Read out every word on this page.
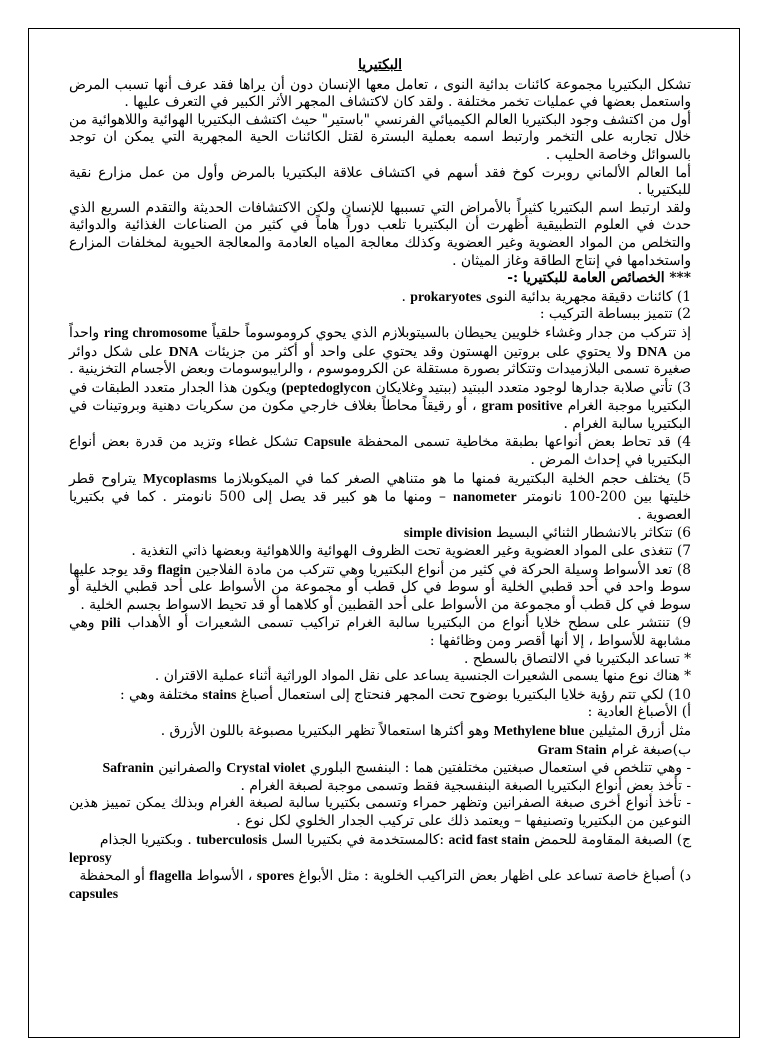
البكتيريا

تشكل البكتيريا مجموعة كائنات بدائية النوى ، تعامل معها الإنسان دون أن يراها فقد عرف أنها تسبب المرض واستعمل بعضها في عمليات تخمر مختلفة . ولقد كان لاكتشاف المجهر الأثر الكبير في التعرف عليها .

أول من اكتشف وجود البكتيريا العالم الكيميائي الفرنسي "باستير" حيث اكتشف البكتيريا الهوائية واللاهوائية من خلال تجاربه على التخمر وارتبط اسمه بعملية البسترة لقتل الكائنات الحية المجهرية التي يمكن ان توجد بالسوائل وخاصة الحليب .

أما العالم الألماني روبرت كوخ فقد أسهم في اكتشاف علاقة البكتيريا بالمرض وأول من عمل مزارع نقية للبكتيريا .

ولقد ارتبط اسم البكتيريا كثيراً بالأمراض التي تسببها للإنسان ولكن الاكتشافات الحديثة والتقدم السريع الذي حدث في العلوم التطبيقية أظهرت أن البكتيريا تلعب دوراً هاماً في كثير من الصناعات الغذائية والدوائية والتخلص من المواد العضوية وغير العضوية وكذلك معالجة المياه العادمة والمعالجة الحيوية لمخلفات المزارع واستخدامها في إنتاج الطاقة وغاز الميثان .

*** الخصائص العامة للبكتيريا :-

1) كائنات دقيقة مجهرية بدائية النوى prokaryotes .

2) تتميز ببساطة التركيب :

إذ تتركب من جدار وغشاء خلويين يحيطان بالسيتوبلازم الذي يحوي كروموسوماً حلقياً ring chromosome واحداً من DNA ولا يحتوي على بروتين الهستون وقد يحتوي على واحد أو أكثر من جزيئات DNA على شكل دوائر صغيرة تسمى البلازميدات وتتكاثر بصورة مستقلة عن الكروموسوم ، والرايبوسومات وبعض الأجسام التخزينية .

3) تأتي صلابة جدارها لوجود متعدد الببتيد (ببتيد وغلايكان (peptedoglycon ويكون هذا الجدار متعدد الطبقات في البكتيريا موجبة الغرام gram positive ، أو رقيقاً محاطاً بغلاف خارجي مكون من سكريات دهنية وبروتينات في البكتيريا سالبة الغرام .

4) قد تحاط بعض أنواعها بطبقة مخاطية تسمى المحفظة Capsule تشكل غطاء وتزيد من قدرة بعض أنواع البكتيريا في إحداث المرض .

5) يختلف حجم الخلية البكتيرية فمنها ما هو متناهي الصغر كما في الميكوبلازما Mycoplasms يتراوح قطر خليتها بين 200-100 نانومتر nanometer – ومنها ما هو كبير قد يصل إلى 500 نانومتر . كما في بكتيريا العصوية .

6) تتكاثر بالانشطار الثنائي البسيط simple division

7) تتغذى على المواد العضوية وغير العضوية تحت الظروف الهوائية واللاهوائية وبعضها ذاتي التغذية .

8) تعد الأسواط وسيلة الحركة في كثير من أنواع البكتيريا وهي تتركب من مادة الفلاجين flagin وقد يوجد عليها سوط واحد في أحد قطبي الخلية أو سوط في كل قطب أو مجموعة من الأسواط على أحد قطبي الخلية أو سوط في كل قطب أو مجموعة من الأسواط على أحد القطبين أو كلاهما أو قد تحيط الاسواط بجسم الخلية .

9) تنتشر على سطح خلايا أنواع من البكتيريا سالبة الغرام تراكيب تسمى الشعيرات أو الأهداب pili وهي مشابهة للأسواط ، إلا أنها أقصر ومن وظائفها :

* تساعد البكتيريا في الالتصاق بالسطح .

* هناك نوع منها يسمى الشعيرات الجنسية يساعد على نقل المواد الوراثية أثناء عملية الاقتران .

10) لكي تتم رؤية خلايا البكتيريا بوضوح تحت المجهر فنحتاج إلى استعمال أصباغ stains مختلفة وهي :

أ) الأصباغ العادية :

مثل أزرق المثيلين Methylene blue وهو أكثرها استعمالاً تظهر البكتيريا مصبوغة باللون الأزرق .

ب)صبغة غرام Gram Stain

- وهي تتلخص في استعمال صبغتين مختلفتين هما : البنفسج البلوري Crystal violet والصفرانين Safranin

- تأخذ بعض أنواع البكتيريا الصبغة البنفسجية فقط وتسمى موجبة لصبغة الغرام .

- تأخذ أنواع أخرى صبغة الصفرانين وتظهر حمراء وتسمى بكتيريا سالبة لصبغة الغرام وبذلك يمكن تمييز هذين النوعين من البكتيريا وتصنيفها – ويعتمد ذلك على تركيب الجدار الخلوي لكل نوع .

ج) الصبغة المقاومة للحمض acid fast stain :كالمستخدمة في بكتيريا السل tuberculosis . وبكتيريا الجذام

leprosy

د) أصباغ خاصة تساعد على اظهار بعض التراكيب الخلوية : مثل الأبواغ spores ، الأسواط flagella أو المحفظة

capsules
